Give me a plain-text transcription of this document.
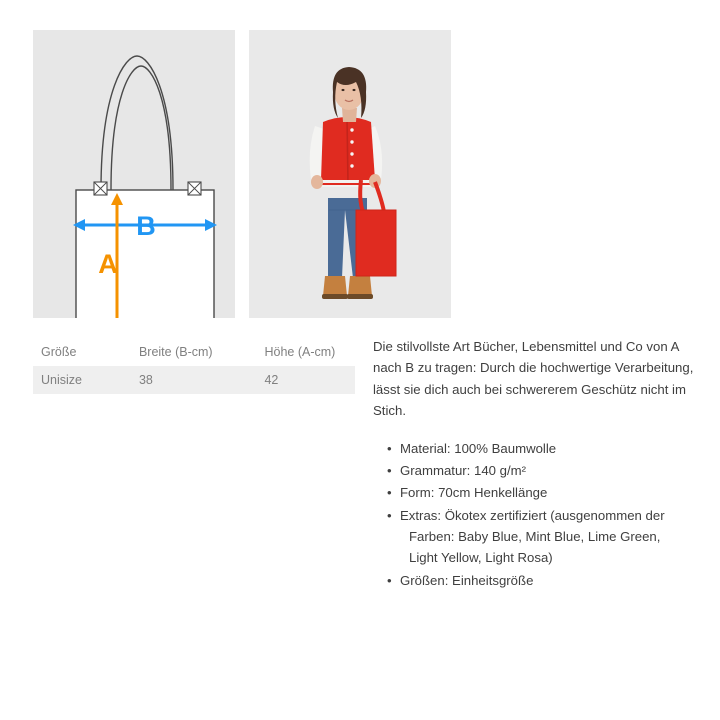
B
A
Größe	Breite (B-cm)	Höhe (A-cm)
Unisize	38	42

Die stilvollste Art Bücher, Lebensmittel und Co von A nach B zu tragen: Durch die hochwertige Verarbeitung, lässt sie dich auch bei schwererem Geschütz nicht im Stich.

• Material: 100% Baumwolle
• Grammatur: 140 g/m²
• Form: 70cm Henkellänge
• Extras: Ökotex zertifiziert (ausgenommen der
Farben: Baby Blue, Mint Blue, Lime Green,
Light Yellow, Light Rosa)
• Größen: Einheitsgröße
